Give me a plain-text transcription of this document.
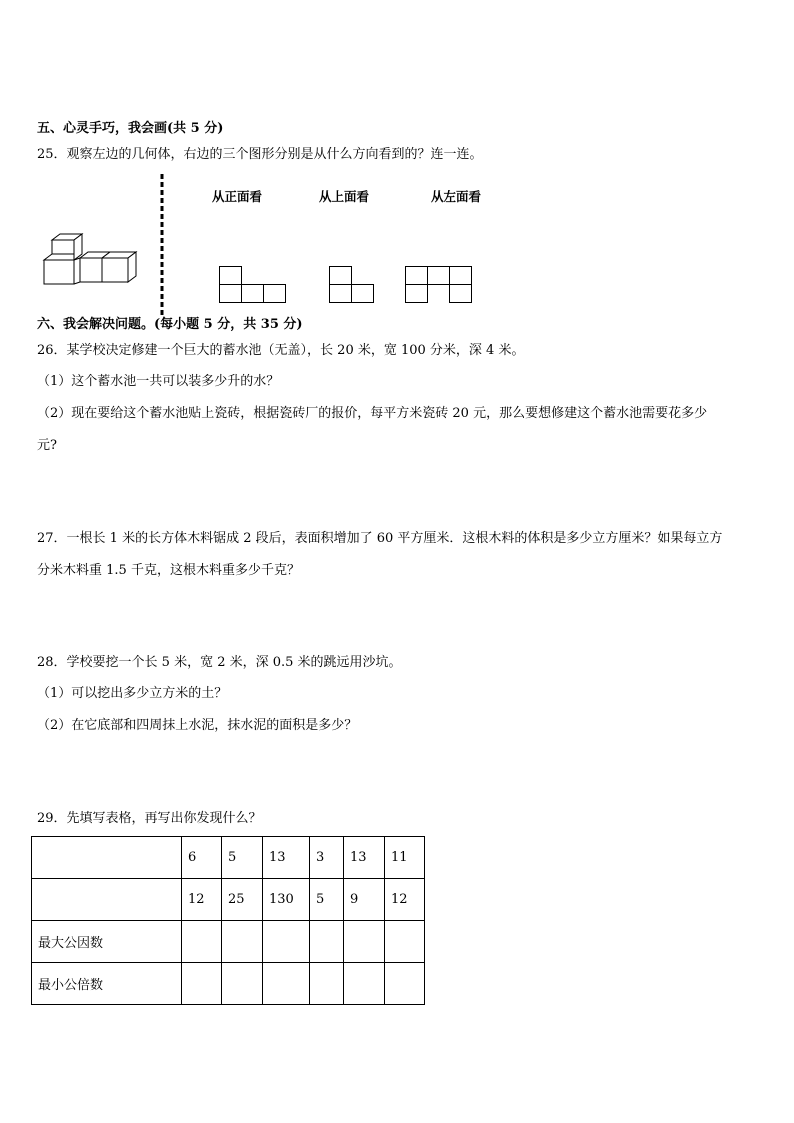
五、心灵手巧，我会画(共 5 分)
25．观察左边的几何体，右边的三个图形分别是从什么方向看到的？连一连。
从正面看	从上面看	从左面看
六、我会解决问题。(每小题 5 分，共 35 分)
26．某学校决定修建一个巨大的蓄水池（无盖），长 20 米，宽 100 分米，深 4 米。
（1）这个蓄水池一共可以装多少升的水？
（2）现在要给这个蓄水池贴上瓷砖，根据瓷砖厂的报价，每平方米瓷砖 20 元，那么要想修建这个蓄水池需要花多少
元?
27．一根长 1 米的长方体木料锯成 2 段后，表面积增加了 60 平方厘米．这根木料的体积是多少立方厘米？如果每立方
分米木料重 1.5 千克，这根木料重多少千克？
28．学校要挖一个长 5 米，宽 2 米，深 0.5 米的跳远用沙坑。
（1）可以挖出多少立方米的土？
（2）在它底部和四周抹上水泥，抹水泥的面积是多少？
29．先填写表格，再写出你发现什么？
	6	5	13	3	13	11
	12	25	130	5	9	12
最大公因数						
最小公倍数						
